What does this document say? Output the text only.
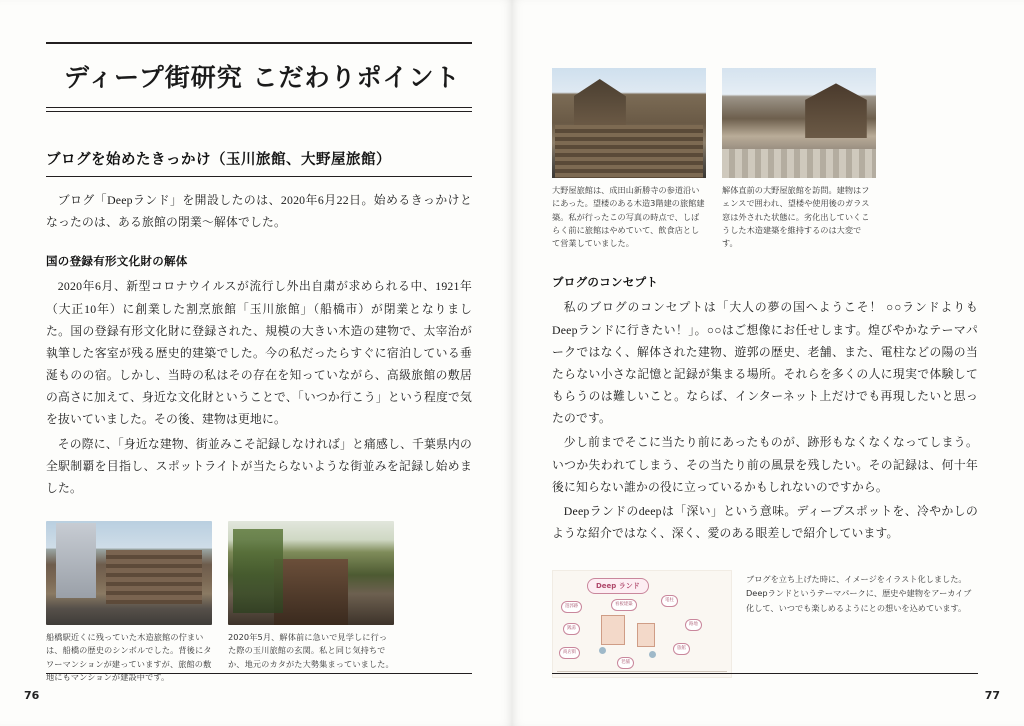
ディープ街研究 こだわりポイント
ブログを始めたきっかけ（玉川旅館、大野屋旅館）

ブログ「Deepランド」を開設したのは、2020年6月22日。始めるきっかけとなったのは、ある旅館の閉業〜解体でした。

国の登録有形文化財の解体

2020年6月、新型コロナウイルスが流行し外出自粛が求められる中、1921年（大正10年）に創業した割烹旅館「玉川旅館」（船橋市）が閉業となりました。国の登録有形文化財に登録された、規模の大きい木造の建物で、太宰治が執筆した客室が残る歴史的建築でした。今の私だったらすぐに宿泊している垂涎ものの宿。しかし、当時の私はその存在を知っていながら、高級旅館の敷居の高さに加えて、身近な文化財ということで、「いつか行こう」という程度で気を抜いていました。その後、建物は更地に。

その際に、「身近な建物、街並みこそ記録しなければ」と痛感し、千葉県内の全駅制覇を目指し、スポットライトが当たらないような街並みを記録し始めました。

船橋駅近くに残っていた木造旅館の佇まいは、船橋の歴史のシンボルでした。背後にタワーマンションが建っていますが、旅館の敷地にもマンションが建設中です。
2020年5月、解体前に急いで見学しに行った際の玉川旅館の玄関。私と同じ気持ちでか、地元のカタがた大勢集まっていました。
76
大野屋旅館は、成田山新勝寺の参道沿いにあった。望楼のある木造3階建の旅館建築。私が行ったこの写真の時点で、しばらく前に旅館はやめていて、飲食店として営業していました。
解体直前の大野屋旅館を訪問。建物はフェンスで囲われ、望楼や使用後のガラス窓は外された状態に。劣化出していくこうした木造建築を維持するのは大変です。
ブログのコンセプト

私のブログのコンセプトは「大人の夢の国へようこそ！ ○○ランドよりも Deepランドに行きたい！」。○○はご想像にお任せします。煌びやかなテーマパークではなく、解体された建物、遊郭の歴史、老舗、また、電柱などの陽の当たらない小さな記憶と記録が集まる場所。それらを多くの人に現実で体験してもらうのは難しいこと。ならば、インターネット上だけでも再現したいと思ったのです。

少し前までそこに当たり前にあったものが、跡形もなくなくなってしまう。いつか失われてしまう、その当たり前の風景を残したい。その記録は、何十年後に知らない誰かの役に立っているかもしれないのですから。

Deepランドのdeepは「深い」という意味。ディープスポットを、冷やかしのような紹介ではなく、深く、愛のある眼差しで紹介しています。

Deep ランド
遊郭跡
銭湯
商店街
看板建築
電柱
路地
旅館
老舗
ブログを立ち上げた時に、イメージをイラスト化しました。Deepランドというテーマパークに、歴史や建物をアーカイブ化して、いつでも楽しめるようにとの想いを込めています。
77
